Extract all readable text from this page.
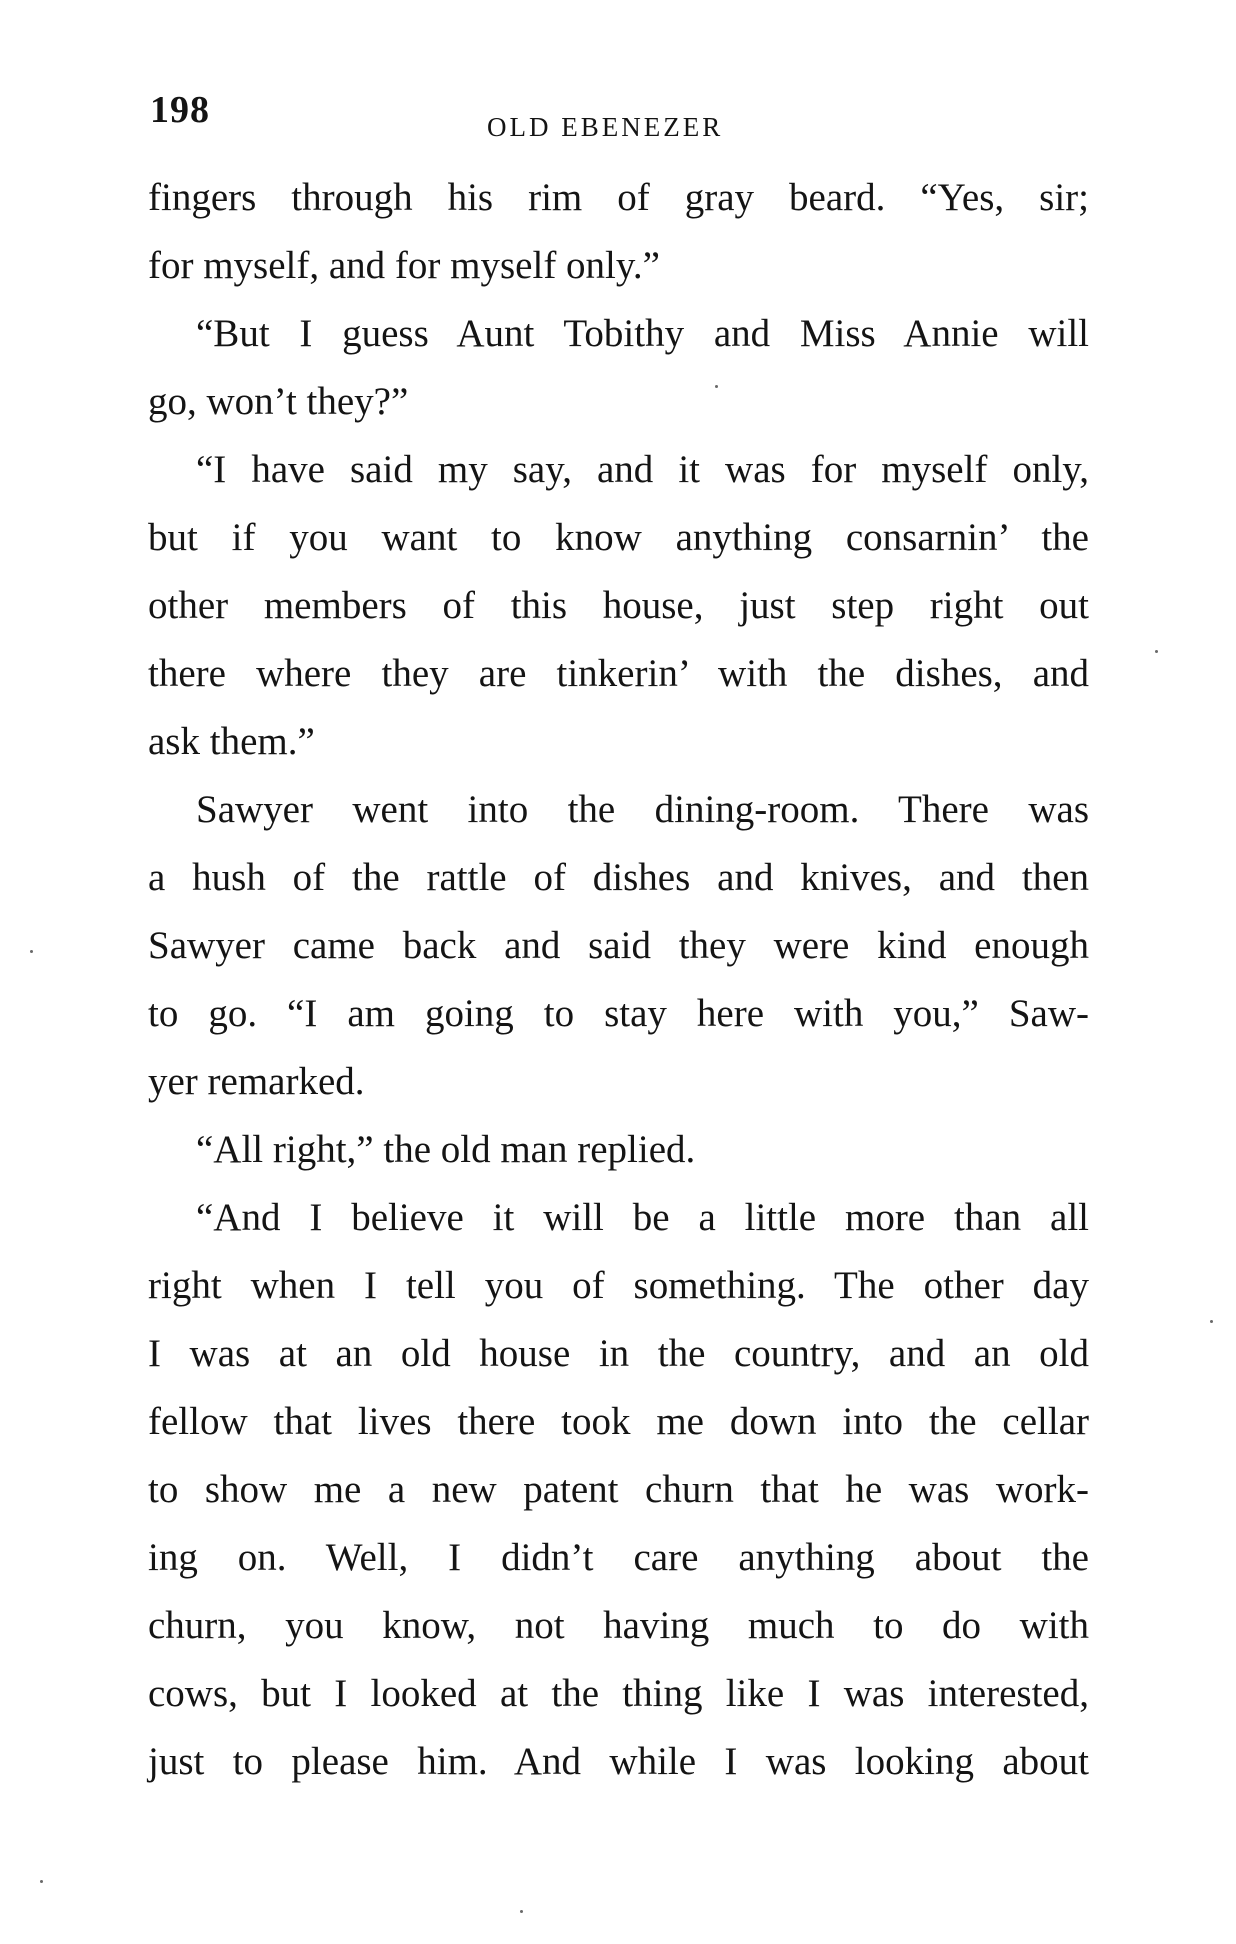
198	OLD EBENEZER
fingers through his rim of gray beard. “Yes, sir;
for myself, and for myself only.”
“But I guess Aunt Tobithy and Miss Annie will
go, won’t they?”
“I have said my say, and it was for myself only,
but if you want to know anything consarnin’ the
other members of this house, just step right out
there where they are tinkerin’ with the dishes, and
ask them.”
Sawyer went into the dining-room. There was
a hush of the rattle of dishes and knives, and then
Sawyer came back and said they were kind enough
to go. “I am going to stay here with you,” Saw-
yer remarked.
“All right,” the old man replied.
“And I believe it will be a little more than all
right when I tell you of something. The other day
I was at an old house in the country, and an old
fellow that lives there took me down into the cellar
to show me a new patent churn that he was work-
ing on. Well, I didn’t care anything about the
churn, you know, not having much to do with
cows, but I looked at the thing like I was interested,
just to please him. And while I was looking about
